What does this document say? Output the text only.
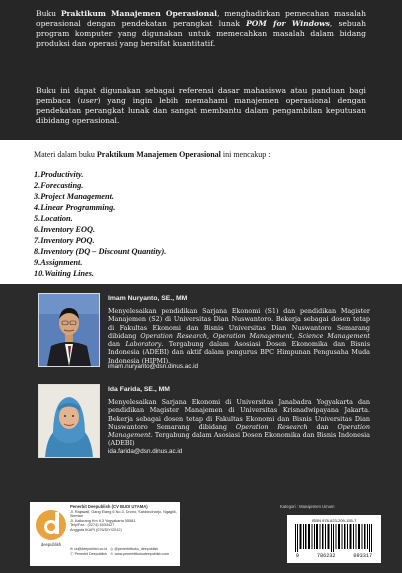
Buku Praktikum Manajemen Operasional, menghadirkan pemecahan masalah operasional dengan pendekatan perangkat lunak POM for Windows, sebuah program komputer yang digunakan untuk memecahkan masalah dalam bidang produksi dan operasi yang bersifat kuantitatif.

Buku ini dapat digunakan sebagai referensi dasar mahasiswa atau panduan bagi pembaca (user) yang ingin lebih memahami manajemen operasional dengan pendekatan perangkat lunak dan sangat membantu dalam pengambilan keputusan dibidang operasional.

Materi dalam buku Praktikum Manajemen Operasional ini mencakup :
1.Productivity.
2.Forecasting.
3.Project Management.
4.Linear Programming.
5.Location.
6.Inventory EOQ.
7.Inventory POQ.
8.Inventory (DQ – Discount Quantity).
9.Assignment.
10.Waiting Lines.
Imam Nuryanto, SE., MM

Menyelesaikan pendidikan Sarjana Ekonomi (S1) dan pendidikan Magister Manajemen (S2) di Universitas Dian Nuswantoro. Bekerja sebagai dosen tetap di Fakultas Ekonomi dan Bisnis Universitas Dian Nuswantoro Semarang dibidang Operation Research, Operation Management, Science Management dan Laboratory. Tergabung dalam Asosiasi Dosen Ekonomika dan Bisnis Indonesia (ADEBI) dan aktif dalam pengurus BPC Himpunan Pengusaha Muda Indonesia (HIPMI).

imam.nuryanto@dsn.dinus.ac.id
Ida Farida, SE., MM

Menyelesaikan Sarjana Ekonomi di Universitas Janabadra Yogyakarta dan pendidikan Magister Manajemen di Universitas Krisnadwipayana Jakarta. Bekerja sebagai dosen tetap di Fakultas Ekonomi dan Bisnis Universitas Dian Nuswantoro Semarang dibidang Operation Research dan Operation Management. Tergabung dalam Asosiasi Dosen Ekonomika dan Bisnis Indonesia (ADEBI)

ida.farida@dsn.dinus.ac.id
deepublish
Penerbit Deepublish (CV BUDI UTAMA)
Jl. Rajawali, Gang Elang 6 No.3, Drono, Sardonoharjo, Ngaglik, Sleman
Jl. Kaliurang Km 9,3 Yogyakarta 55581
Telp/Fax : (0274) 4533427
Anggota IKAPI (076/DIY/2012)
✉ cs@deepublish.co.id ◎ @penerbitbuku_deepublish
ⓕ Penerbit Deepublish ⊕ www.penerbitbukudeepublish.com
Kategori : Manajemen Umum
ISBN 978-623-209-155-7
9	786232	093317
